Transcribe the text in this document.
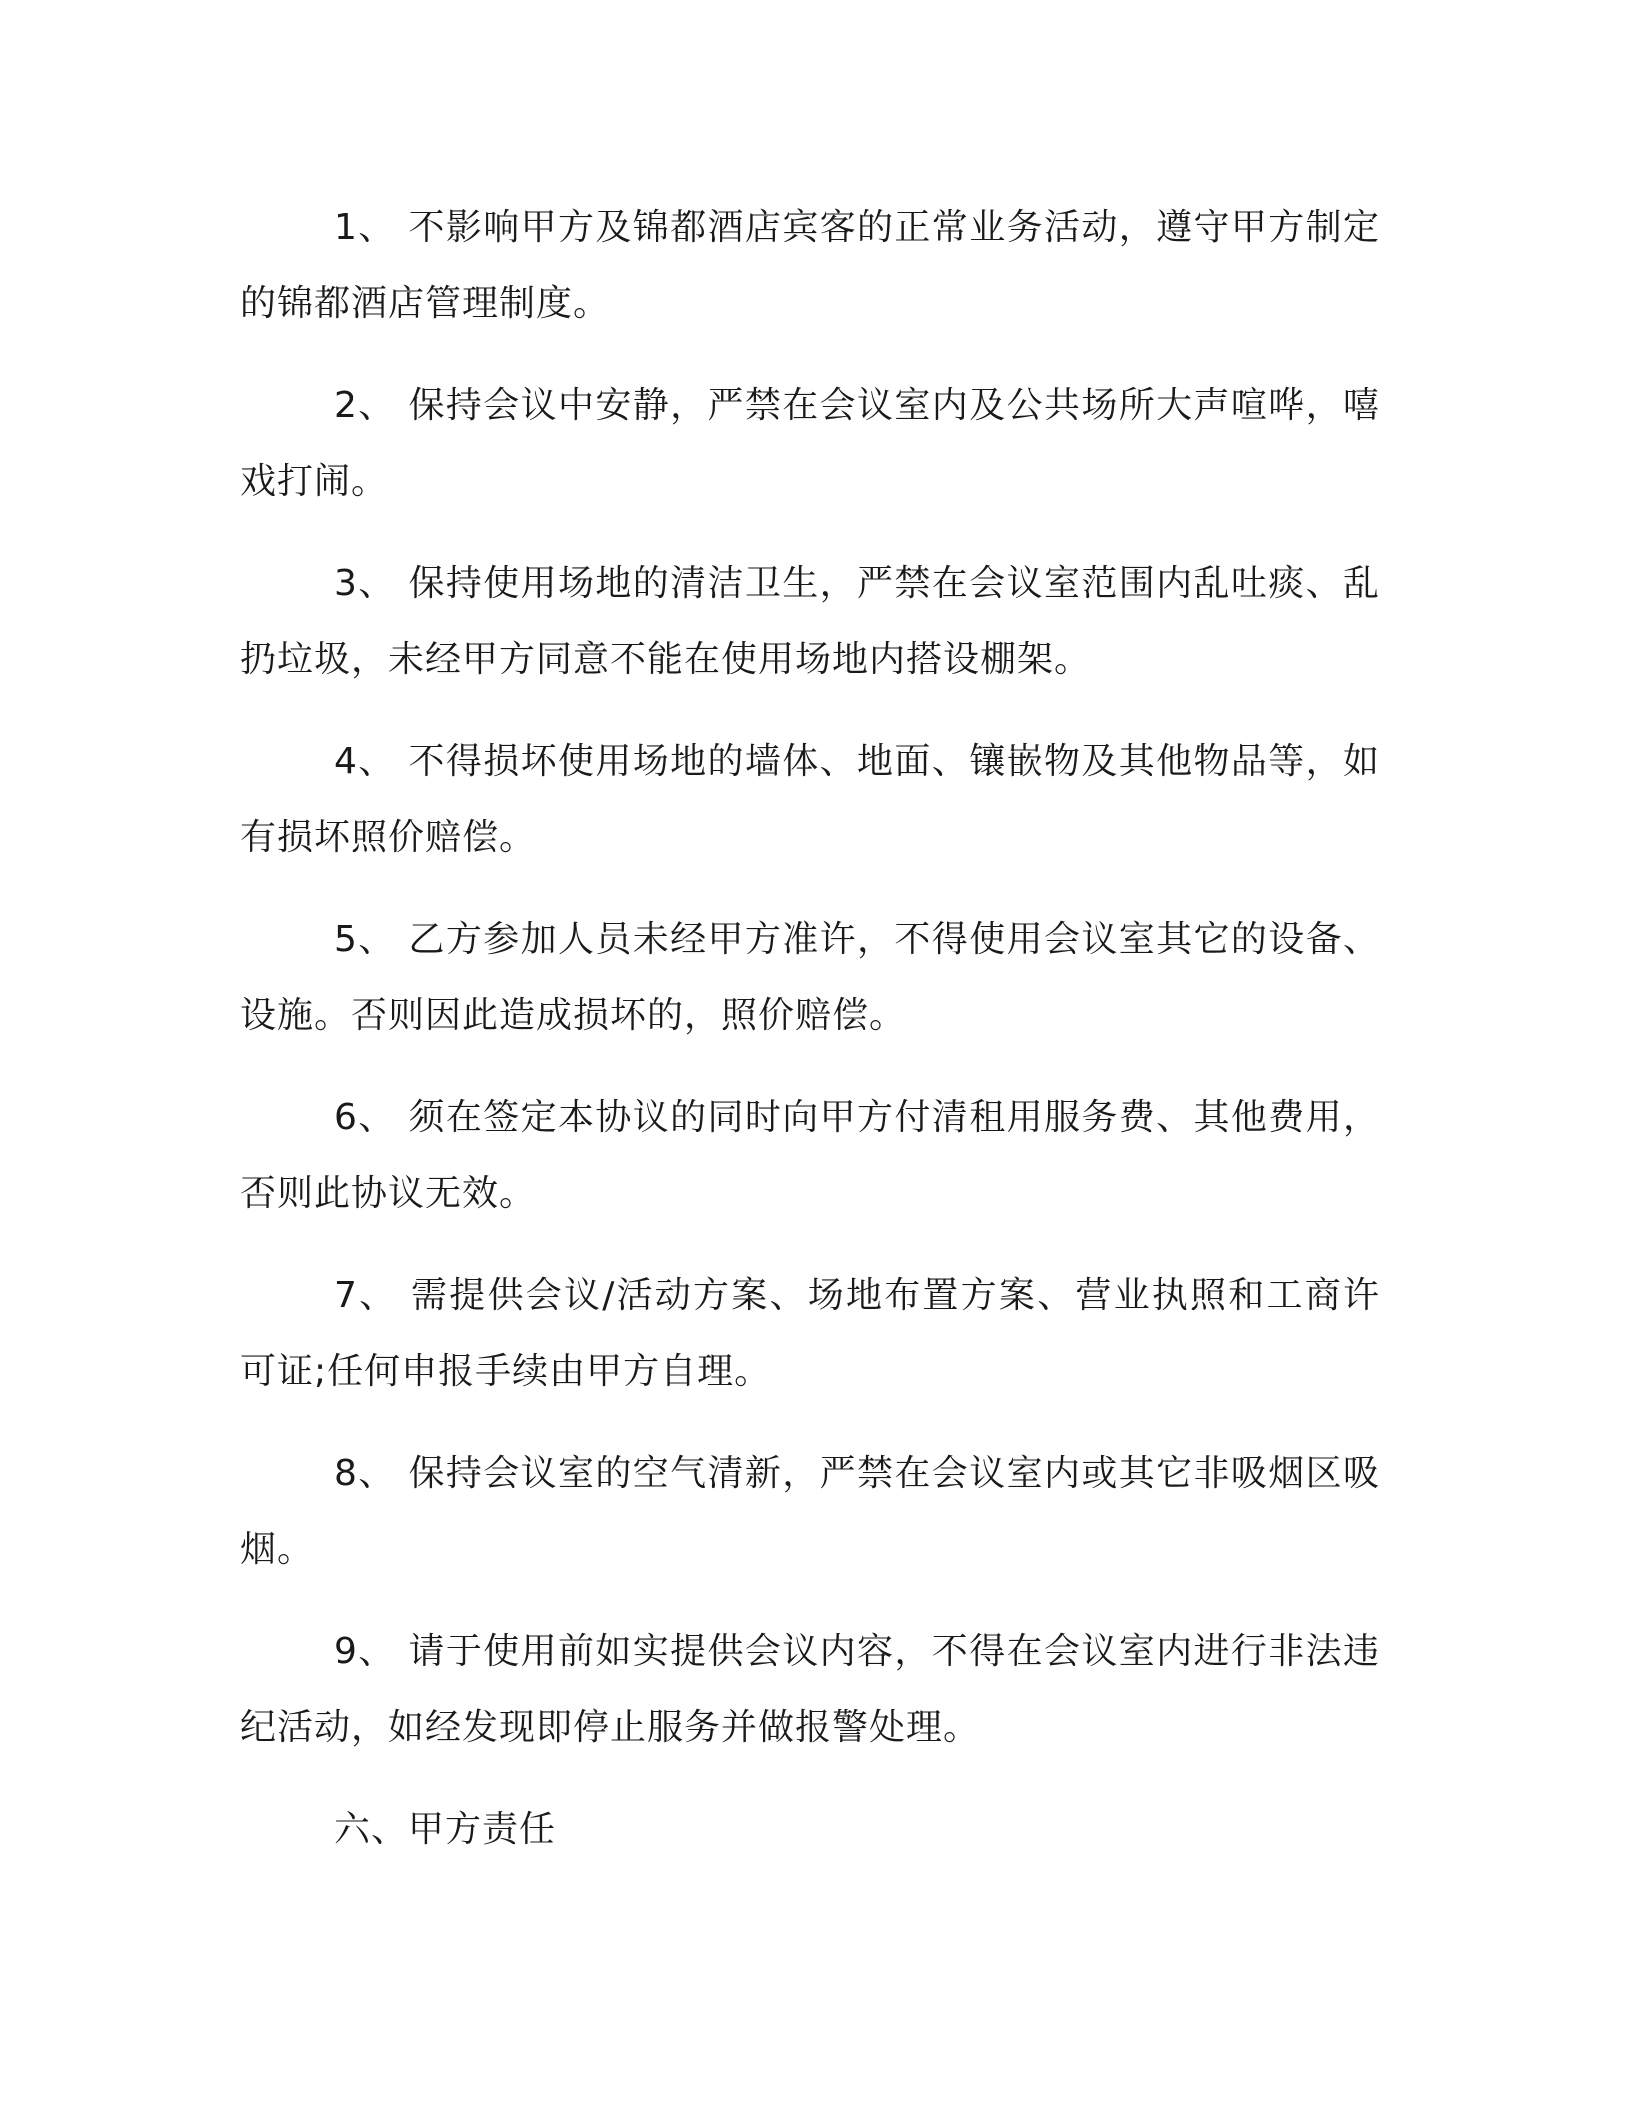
1、 不影响甲方及锦都酒店宾客的正常业务活动，遵守甲方制定的锦都酒店管理制度。

2、 保持会议中安静，严禁在会议室内及公共场所大声喧哗，嘻戏打闹。

3、 保持使用场地的清洁卫生，严禁在会议室范围内乱吐痰、乱扔垃圾，未经甲方同意不能在使用场地内搭设棚架。

4、 不得损坏使用场地的墙体、地面、镶嵌物及其他物品等，如有损坏照价赔偿。

5、 乙方参加人员未经甲方准许，不得使用会议室其它的设备、设施。否则因此造成损坏的，照价赔偿。

6、 须在签定本协议的同时向甲方付清租用服务费、其他费用，否则此协议无效。

7、 需提供会议/活动方案、场地布置方案、营业执照和工商许可证;任何申报手续由甲方自理。

8、 保持会议室的空气清新，严禁在会议室内或其它非吸烟区吸烟。

9、 请于使用前如实提供会议内容，不得在会议室内进行非法违纪活动，如经发现即停止服务并做报警处理。

六、甲方责任
